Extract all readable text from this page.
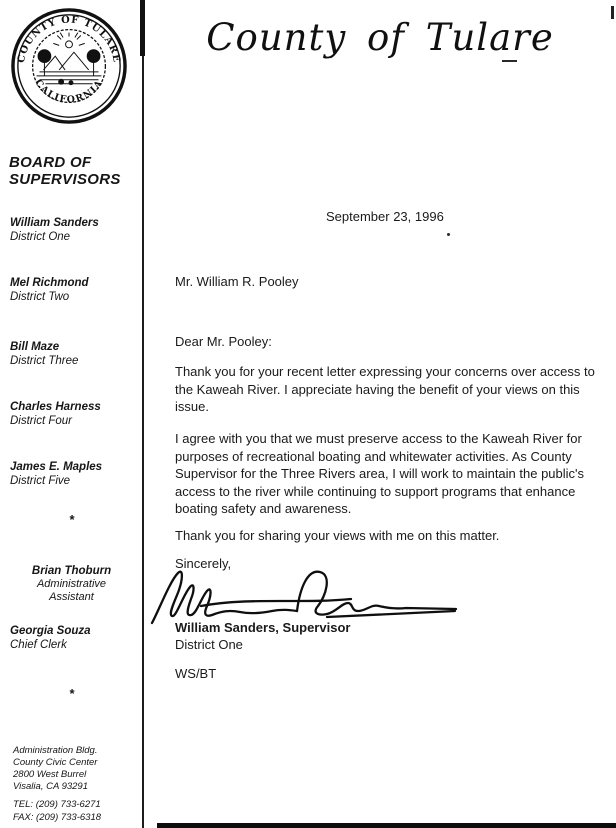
COUNTY OF TULARE
CALIFORNIA
BOARD OF SUPERVISORS
William Sanders
District One
Mel Richmond
District Two
Bill Maze
District Three
Charles Harness
District Four
James E. Maples
District Five
*
Brian Thoburn
Administrative Assistant
Georgia Souza
Chief Clerk
*
Administration Bldg.
County Civic Center
2800 West Burrel
Visalia, CA 93291
TEL: (209) 733-6271
FAX: (209) 733-6318
County of Tulare
September 23, 1996
Mr. William R. Pooley
Dear Mr. Pooley:
Thank you for your recent letter expressing your concerns over access to the Kaweah River. I appreciate having the benefit of your views on this issue.
I agree with you that we must preserve access to the Kaweah River for purposes of recreational boating and whitewater activities. As County Supervisor for the Three Rivers area, I will work to maintain the public's access to the river while continuing to support programs that enhance boating safety and awareness.
Thank you for sharing your views with me on this matter.
Sincerely,
William Sanders, Supervisor
District One
WS/BT
